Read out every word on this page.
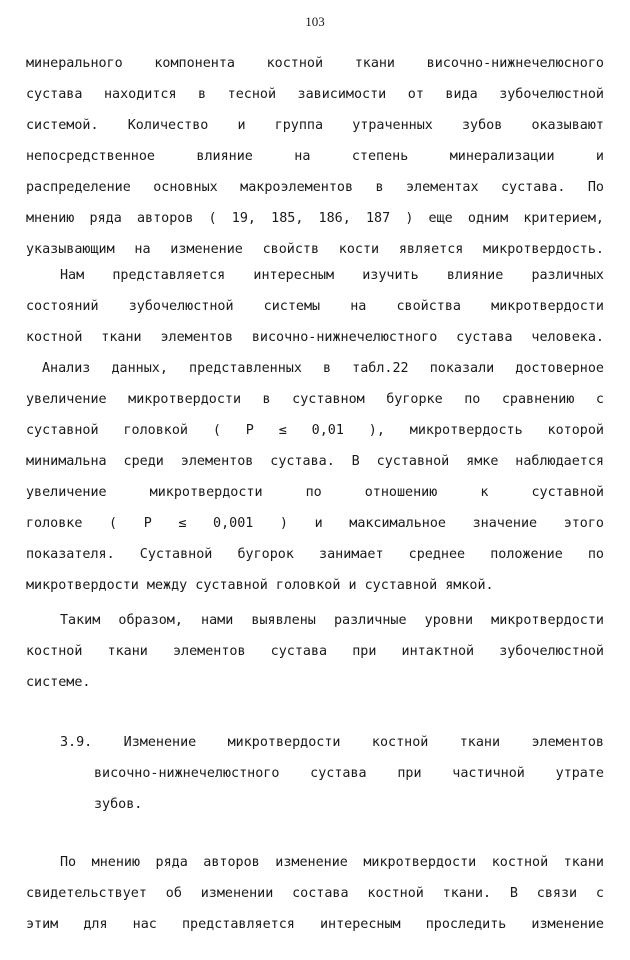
103
минерального компонента костной ткани височно-нижнечелюсного
сустава находится в тесной зависимости от вида зубочелюстной
системой. Количество и группа утраченных зубов оказывают
непосредственное влияние на степень минерализации и
распределение основных макроэлементов в элементах сустава. По
мнению ряда авторов ( 19, 185, 186, 187 ) еще одним критерием,
указывающим на изменение свойств кости является микротвердость.
Нам представляется интересным изучить влияние различных
состояний зубочелюстной системы на свойства микротвердости
костной ткани элементов височно-нижнечелюстного сустава человека.
Анализ данных, представленных в табл.22 показали достоверное
увеличение микротвердости в суставном бугорке по сравнению с
суставной головкой ( Р ≤ 0,01 ), микротвердость которой
минимальна среди элементов сустава. В суставной ямке наблюдается
увеличение микротвердости по отношению к суставной
головке ( Р ≤ 0,001 ) и максимальное значение этого
показателя. Суставной бугорок занимает среднее положение по
микротвердости между суставной головкой и суставной ямкой.
Таким образом, нами выявлены различные уровни микротвердости
костной ткани элементов сустава при интактной зубочелюстной
системе.
3.9. Изменение микротвердости костной ткани элементов
височно-нижнечелюстного сустава при частичной утрате
зубов.
По мнению ряда авторов изменение микротвердости костной ткани
свидетельствует об изменении состава костной ткани. В связи с
этим для нас представляется интересным проследить изменение
